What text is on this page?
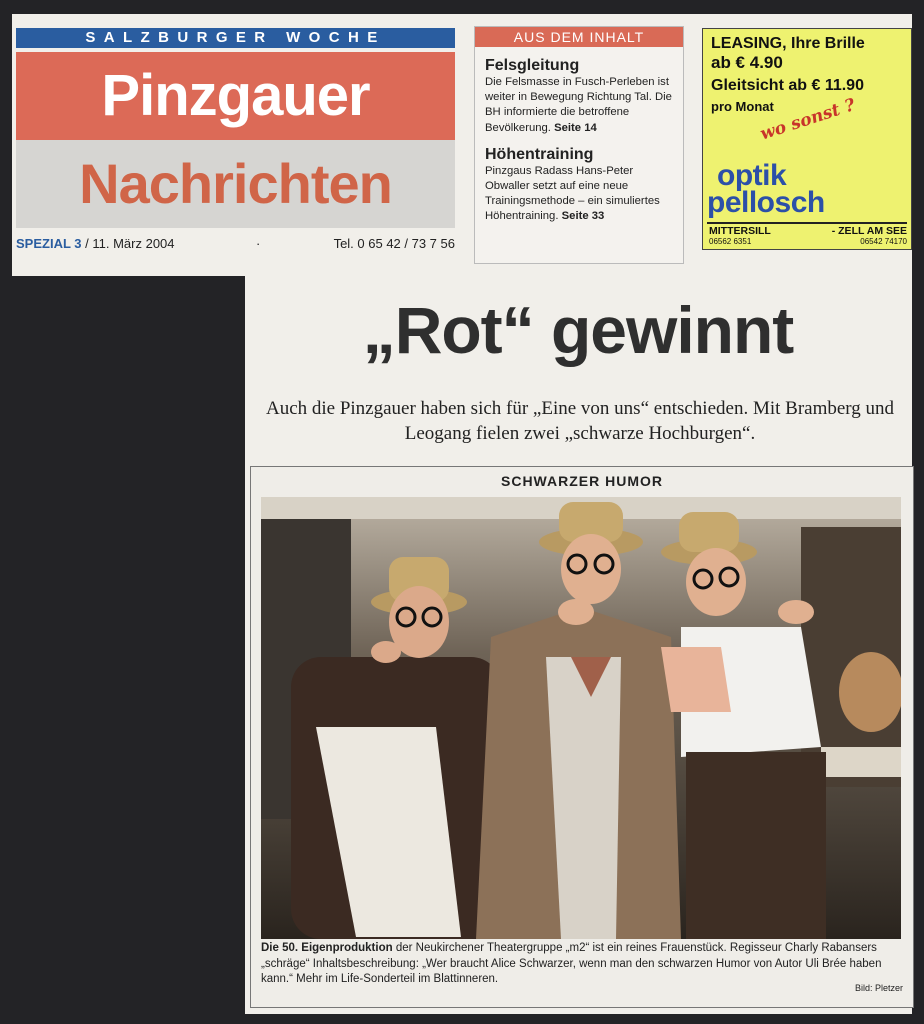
SALZBURGER WOCHE
Pinzgauer
Nachrichten
SPEZIAL 3 / 11. März 2004	·	Tel. 0 65 42 / 73 7 56
AUS DEM INHALT
Felsgleitung
Die Felsmasse in Fusch-Perleben ist weiter in Bewegung Richtung Tal. Die BH informierte die betroffene Bevölkerung. Seite 14
Höhentraining
Pinzgaus Radass Hans-Peter Obwaller setzt auf eine neue Trainingsmethode – ein simuliertes Höhentraining. Seite 33
LEASING, Ihre Brille
ab € 4.90
Gleitsicht ab € 11.90
pro Monat
wo sonst ?
optik
pellosch
MITTERSILL	- ZELL AM SEE
06562 6351	06542 74170
„Rot“ gewinnt
Auch die Pinzgauer haben sich für „Eine von uns“ entschieden. Mit Bramberg und Leogang fielen zwei „schwarze Hochburgen“.
SCHWARZER HUMOR
Die 50. Eigenproduktion der Neukirchener Theatergruppe „m2“ ist ein reines Frauenstück. Regisseur Charly Rabansers „schräge“ Inhaltsbeschreibung: „Wer braucht Alice Schwarzer, wenn man den schwarzen Humor von Autor Uli Brée haben kann.“ Mehr im Life-Sonderteil im Blattinneren.
Bild: Pletzer
